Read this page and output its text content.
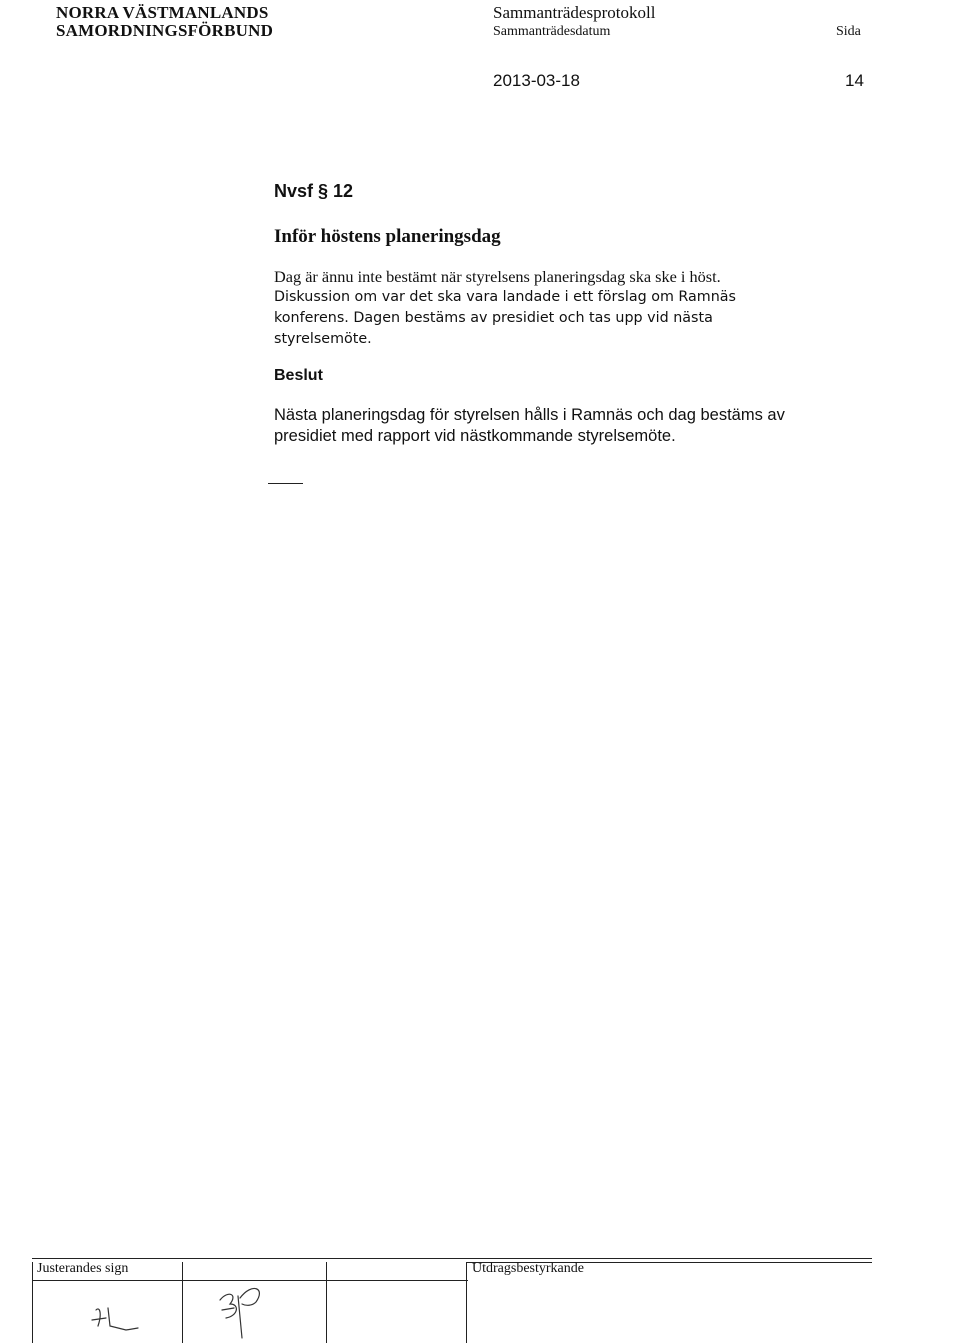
NORRA VÄSTMANLANDS
SAMORDNINGSFÖRBUND
Sammanträdesprotokoll
Sammanträdesdatum	Sida
2013-03-18	14
Nvsf § 12
Inför höstens planeringsdag
Dag är ännu inte bestämt när styrelsens planeringsdag ska ske i höst.
Diskussion om var det ska vara landade i ett förslag om Ramnäs
konferens. Dagen bestäms av presidiet och tas upp vid nästa
styrelsemöte.
Beslut
Nästa planeringsdag för styrelsen hålls i Ramnäs och dag bestäms av
presidiet med rapport vid nästkommande styrelsemöte.
Justerandes sign	Utdragsbestyrkande
